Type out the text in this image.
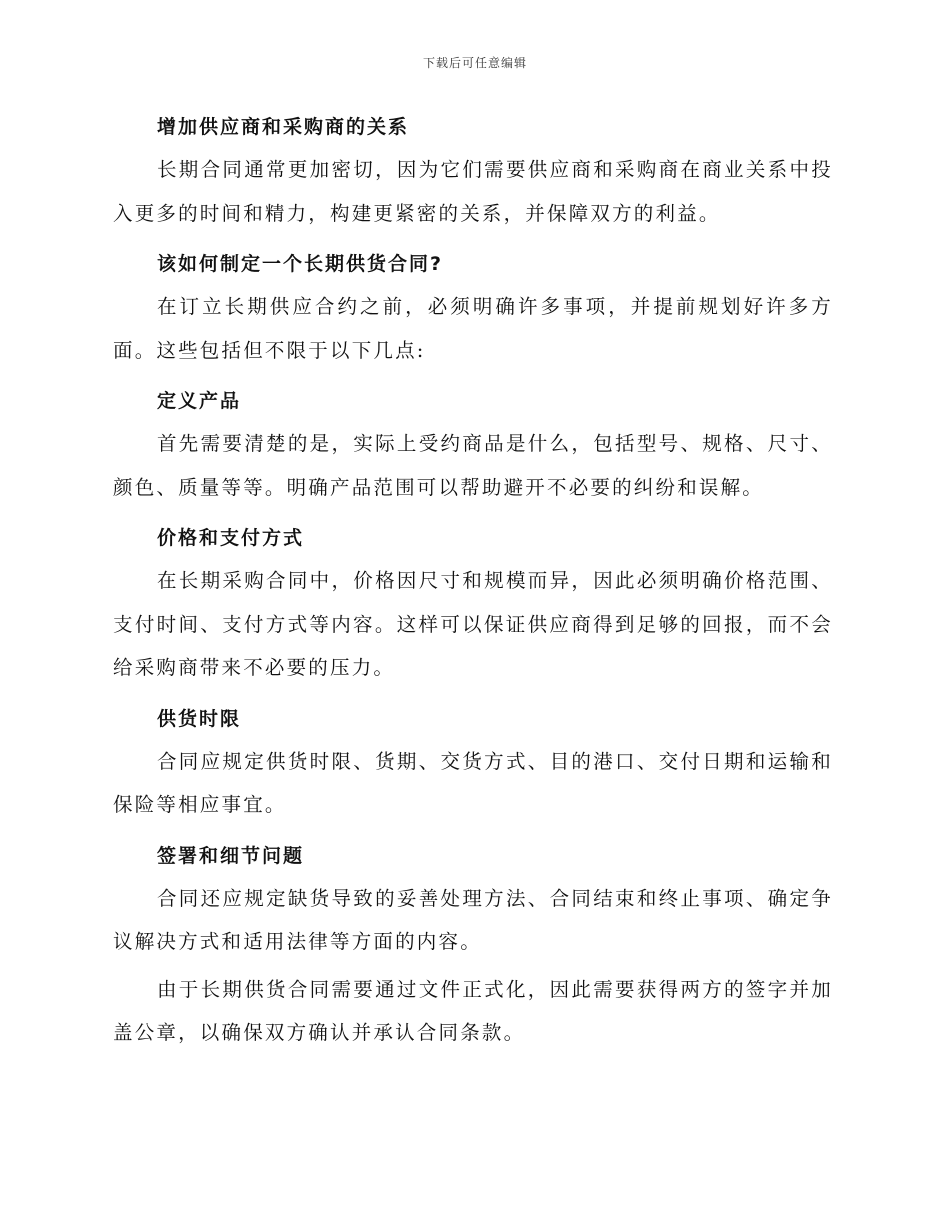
下载后可任意编辑
增加供应商和采购商的关系

长期合同通常更加密切，因为它们需要供应商和采购商在商业关系中投入更多的时间和精力，构建更紧密的关系，并保障双方的利益。

该如何制定一个长期供货合同?

在订立长期供应合约之前，必须明确许多事项，并提前规划好许多方面。这些包括但不限于以下几点:

定义产品

首先需要清楚的是，实际上受约商品是什么，包括型号、规格、尺寸、颜色、质量等等。明确产品范围可以帮助避开不必要的纠纷和误解。

价格和支付方式

在长期采购合同中，价格因尺寸和规模而异，因此必须明确价格范围、支付时间、支付方式等内容。这样可以保证供应商得到足够的回报，而不会给采购商带来不必要的压力。

供货时限

合同应规定供货时限、货期、交货方式、目的港口、交付日期和运输和保险等相应事宜。

签署和细节问题

合同还应规定缺货导致的妥善处理方法、合同结束和终止事项、确定争议解决方式和适用法律等方面的内容。

由于长期供货合同需要通过文件正式化，因此需要获得两方的签字并加盖公章，以确保双方确认并承认合同条款。
